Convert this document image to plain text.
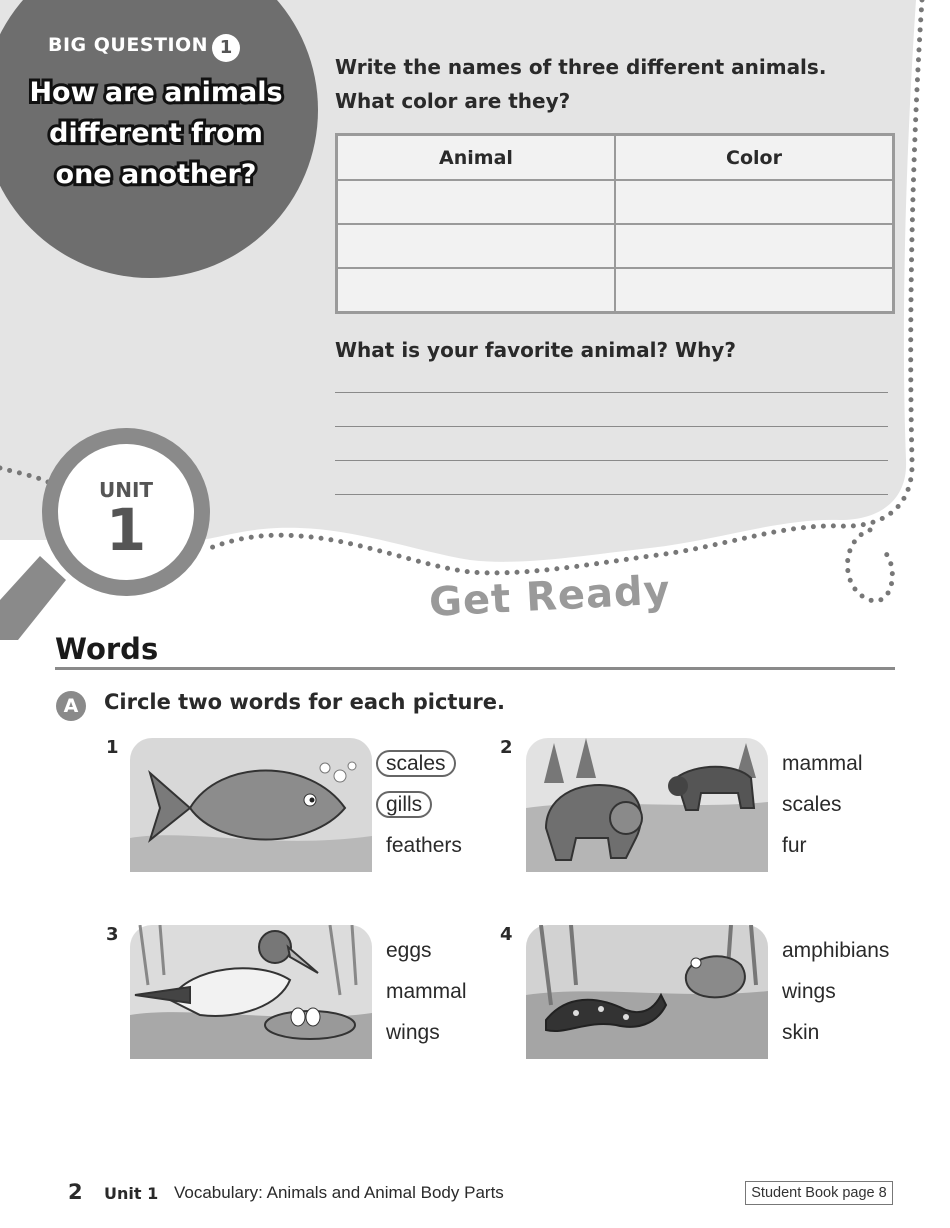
BIG QUESTION 1
How are animals different from one another?
Write the names of three different animals.
What color are they?
Animal	Color

What is your favorite animal? Why?
UNIT
1
Get Ready
Words
A	Circle two words for each picture.
1
scales
gills
feathers
2
mammal
scales
fur
3
eggs
mammal
wings
4
amphibians
wings
skin
2 Unit 1 Vocabulary: Animals and Animal Body Parts	Student Book page 8
